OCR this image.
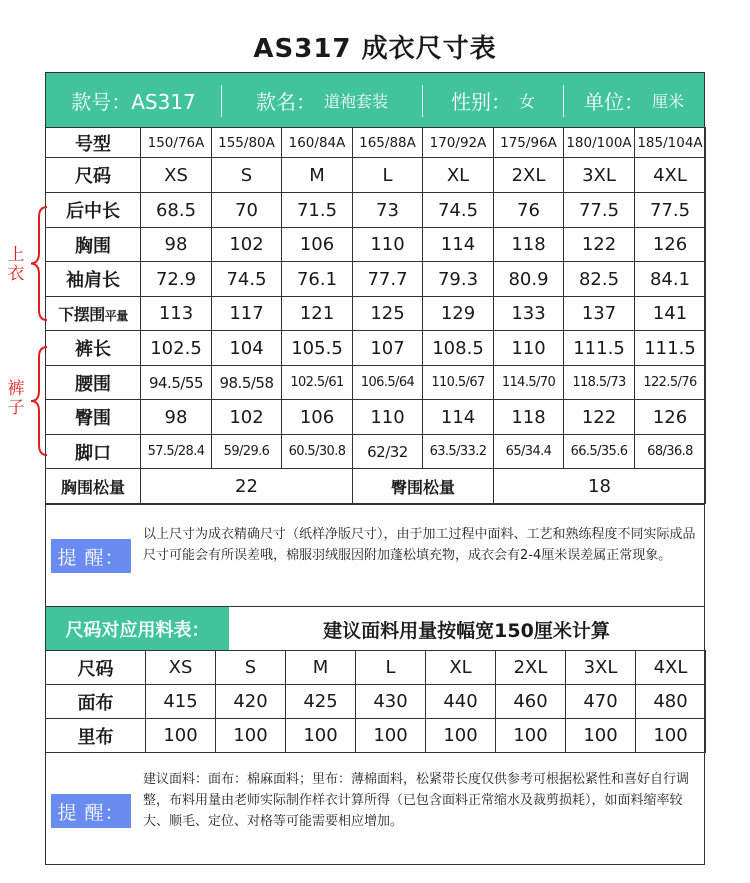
AS317 成衣尺寸表
款号：AS317	款名： 道袍套装	性别： 女 单位： 厘米
号型	150/76A	155/80A	160/84A	165/88A	170/92A	175/96A	180/100A	185/104A
尺码	XS	S	M	L	XL	2XL	3XL	4XL
后中长	68.5	70	71.5	73	74.5	76	77.5	77.5
胸围	98	102	106	110	114	118	122	126
袖肩长	72.9	74.5	76.1	77.7	79.3	80.9	82.5	84.1
下摆围平量	113	117	121	125	129	133	137	141
裤长	102.5	104	105.5	107	108.5	110	111.5	111.5
腰围	94.5/55	98.5/58	102.5/61	106.5/64	110.5/67	114.5/70	118.5/73	122.5/76
臀围	98	102	106	110	114	118	122	126
脚口	57.5/28.4	59/29.6	60.5/30.8	62/32	63.5/33.2	65/34.4	66.5/35.6	68/36.8
胸围松量	22			臀围松量		18		
上衣
裤子
提 醒：
以上尺寸为成衣精确尺寸（纸样净版尺寸），由于加工过程中面料、工艺和熟练程度不同实际成品尺寸可能会有所误差哦，棉服羽绒服因附加蓬松填充物，成衣会有2-4厘米误差属正常现象。
尺码对应用料表：	建议面料用量按幅宽150厘米计算
尺码	XS	S	M	L	XL	2XL	3XL	4XL
面布	415	420	425	430	440	460	470	480
里布	100	100	100	100	100	100	100	100
提 醒：
建议面料：面布：棉麻面料；里布：薄棉面料，松紧带长度仅供参考可根据松紧性和喜好自行调整，布料用量由老师实际制作样衣计算所得（已包含面料正常缩水及裁剪损耗），如面料缩率较大、顺毛、定位、对格等可能需要相应增加。
